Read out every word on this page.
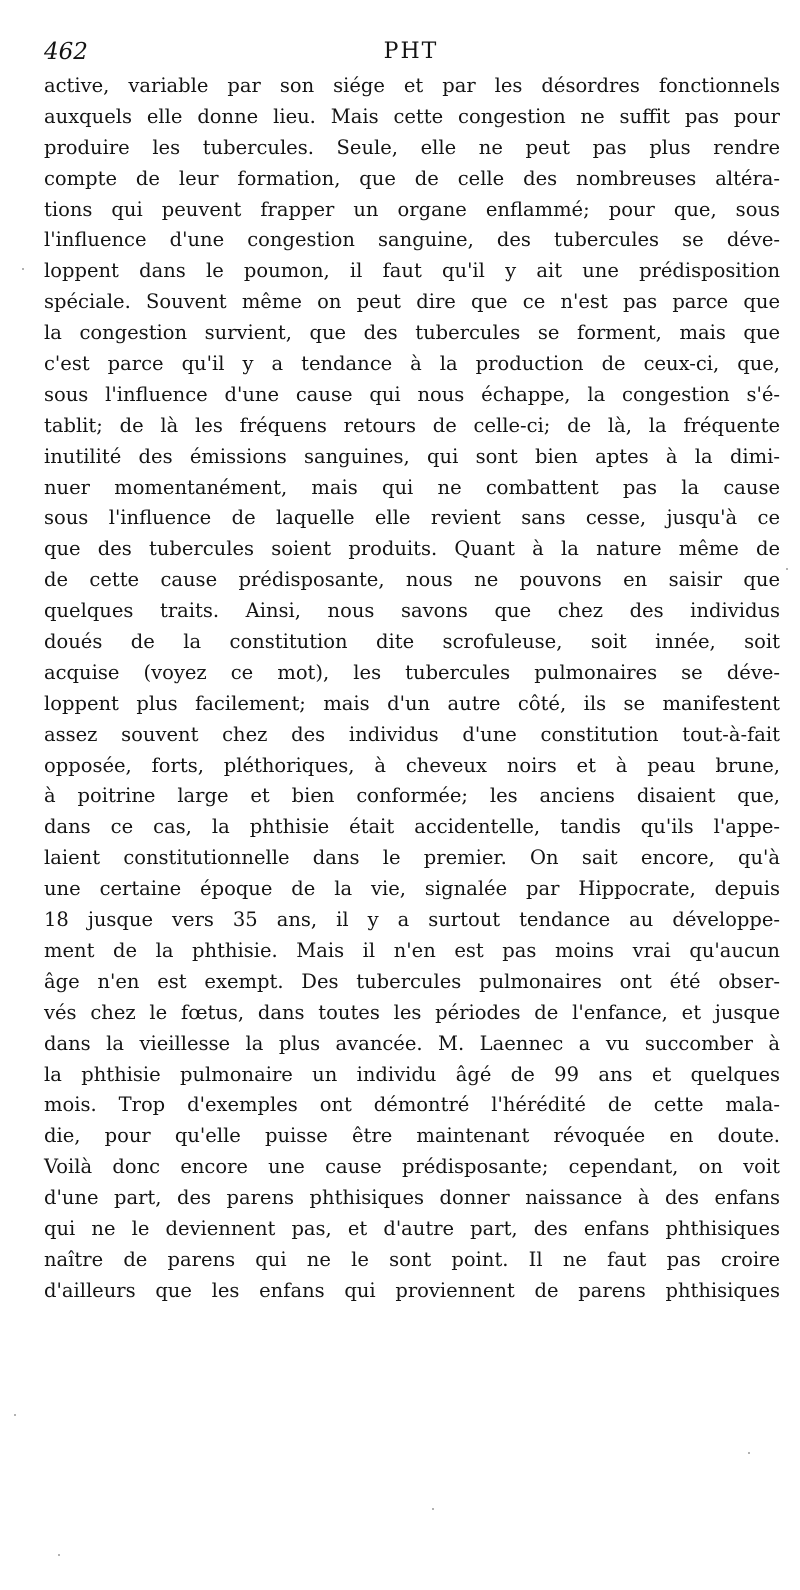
462	PHT
active, variable par son siége et par les désordres fonctionnels
auxquels elle donne lieu. Mais cette congestion ne suffit pas pour
produire les tubercules. Seule, elle ne peut pas plus rendre
compte de leur formation, que de celle des nombreuses altéra-
tions qui peuvent frapper un organe enflammé; pour que, sous
l'influence d'une congestion sanguine, des tubercules se déve-
loppent dans le poumon, il faut qu'il y ait une prédisposition
spéciale. Souvent même on peut dire que ce n'est pas parce que
la congestion survient, que des tubercules se forment, mais que
c'est parce qu'il y a tendance à la production de ceux-ci, que,
sous l'influence d'une cause qui nous échappe, la congestion s'é-
tablit; de là les fréquens retours de celle-ci; de là, la fréquente
inutilité des émissions sanguines, qui sont bien aptes à la dimi-
nuer momentanément, mais qui ne combattent pas la cause
sous l'influence de laquelle elle revient sans cesse, jusqu'à ce
que des tubercules soient produits. Quant à la nature même de
de cette cause prédisposante, nous ne pouvons en saisir que
quelques traits. Ainsi, nous savons que chez des individus
doués de la constitution dite scrofuleuse, soit innée, soit
acquise (voyez ce mot), les tubercules pulmonaires se déve-
loppent plus facilement; mais d'un autre côté, ils se manifestent
assez souvent chez des individus d'une constitution tout-à-fait
opposée, forts, pléthoriques, à cheveux noirs et à peau brune,
à poitrine large et bien conformée; les anciens disaient que,
dans ce cas, la phthisie était accidentelle, tandis qu'ils l'appe-
laient constitutionnelle dans le premier. On sait encore, qu'à
une certaine époque de la vie, signalée par Hippocrate, depuis
18 jusque vers 35 ans, il y a surtout tendance au développe-
ment de la phthisie. Mais il n'en est pas moins vrai qu'aucun
âge n'en est exempt. Des tubercules pulmonaires ont été obser-
vés chez le fœtus, dans toutes les périodes de l'enfance, et jusque
dans la vieillesse la plus avancée. M. Laennec a vu succomber à
la phthisie pulmonaire un individu âgé de 99 ans et quelques
mois. Trop d'exemples ont démontré l'hérédité de cette mala-
die, pour qu'elle puisse être maintenant révoquée en doute.
Voilà donc encore une cause prédisposante; cependant, on voit
d'une part, des parens phthisiques donner naissance à des enfans
qui ne le deviennent pas, et d'autre part, des enfans phthisiques
naître de parens qui ne le sont point. Il ne faut pas croire
d'ailleurs que les enfans qui proviennent de parens phthisiques
